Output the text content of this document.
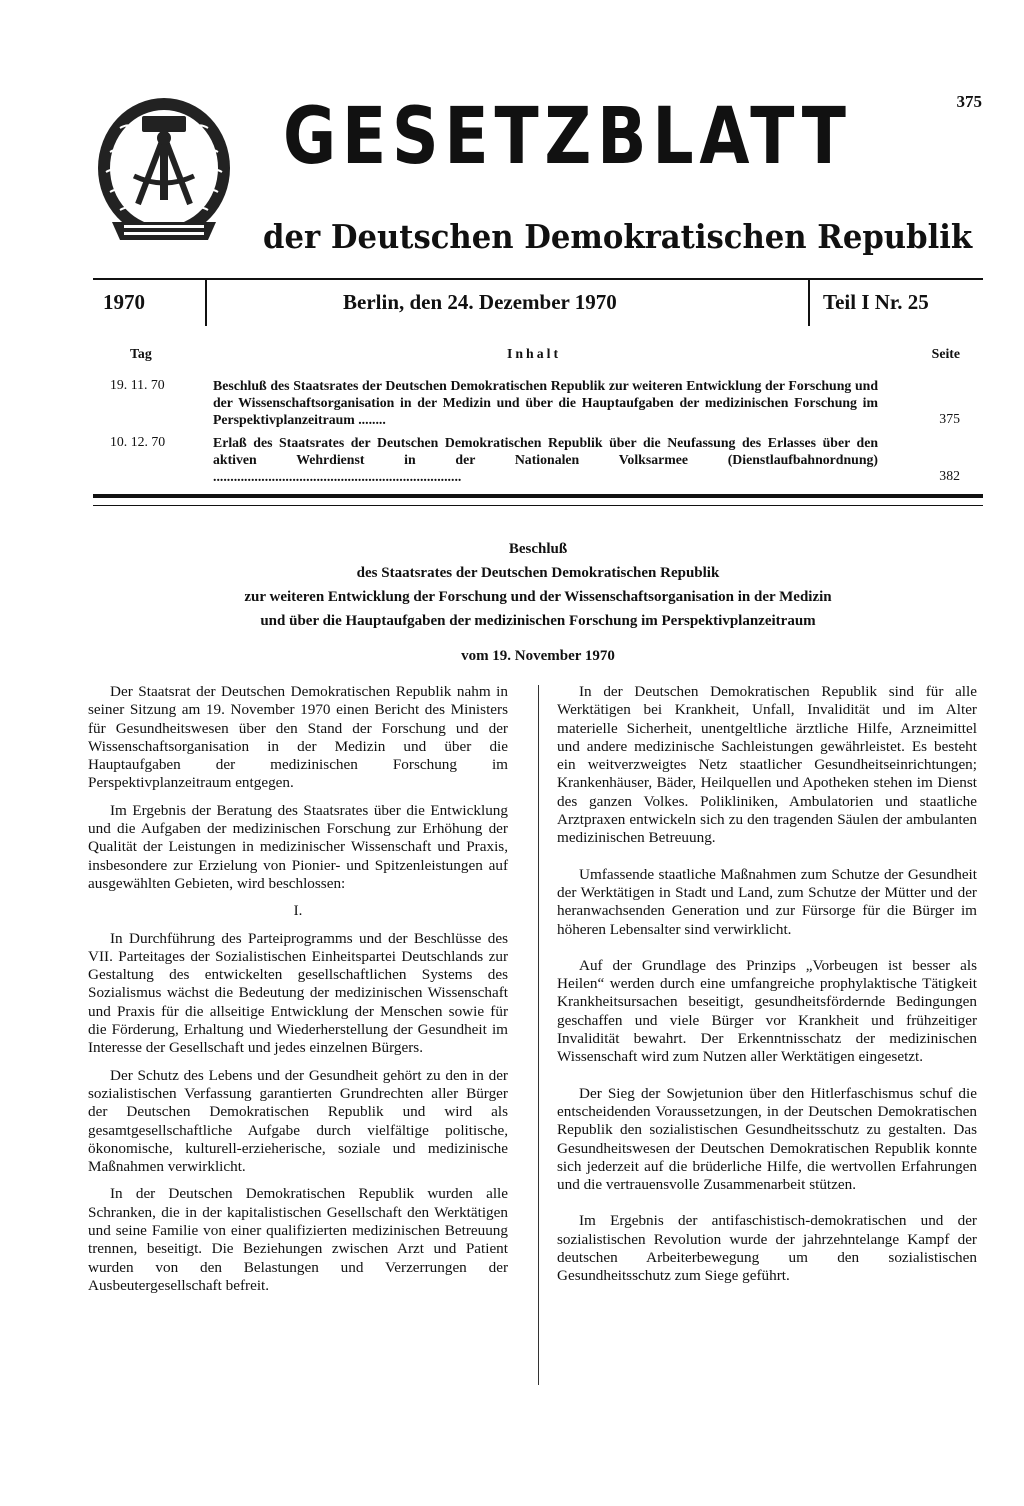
375
GESETZBLATT
der Deutschen Demokratischen Republik
1970	Berlin, den 24. Dezember 1970	Teil I Nr. 25
Tag	Inhalt	Seite
19. 11. 70	Beschluß des Staatsrates der Deutschen Demokratischen Republik zur weiteren Entwicklung der Forschung und der Wissenschaftsorganisation in der Medizin und über die Hauptaufgaben der medizinischen Forschung im Perspektivplanzeitraum ........	375
10. 12. 70	Erlaß des Staatsrates der Deutschen Demokratischen Republik über die Neufassung des Erlasses über den aktiven Wehrdienst in der Nationalen Volksarmee (Dienstlaufbahnordnung) ........................................................................	382
Beschluß
des Staatsrates der Deutschen Demokratischen Republik
zur weiteren Entwicklung der Forschung und der Wissenschaftsorganisation in der Medizin
und über die Hauptaufgaben der medizinischen Forschung im Perspektivplanzeitraum
vom 19. November 1970

Der Staatsrat der Deutschen Demokratischen Republik nahm in seiner Sitzung am 19. November 1970 einen Bericht des Ministers für Gesundheitswesen über den Stand der Forschung und der Wissenschaftsorganisation in der Medizin und über die Hauptaufgaben der medizinischen Forschung im Perspektivplanzeitraum entgegen.

Im Ergebnis der Beratung des Staatsrates über die Entwicklung und die Aufgaben der medizinischen Forschung zur Erhöhung der Qualität der Leistungen in medizinischer Wissenschaft und Praxis, insbesondere zur Erzielung von Pionier- und Spitzenleistungen auf ausgewählten Gebieten, wird beschlossen:

I.

In Durchführung des Parteiprogramms und der Beschlüsse des VII. Parteitages der Sozialistischen Einheitspartei Deutschlands zur Gestaltung des entwickelten gesellschaftlichen Systems des Sozialismus wächst die Bedeutung der medizinischen Wissenschaft und Praxis für die allseitige Entwicklung der Menschen sowie für die Förderung, Erhaltung und Wiederherstellung der Gesundheit im Interesse der Gesellschaft und jedes einzelnen Bürgers.

Der Schutz des Lebens und der Gesundheit gehört zu den in der sozialistischen Verfassung garantierten Grundrechten aller Bürger der Deutschen Demokratischen Republik und wird als gesamtgesellschaftliche Aufgabe durch vielfältige politische, ökonomische, kulturell-erzieherische, soziale und medizinische Maßnahmen verwirklicht.

In der Deutschen Demokratischen Republik wurden alle Schranken, die in der kapitalistischen Gesellschaft den Werktätigen und seine Familie von einer qualifizierten medizinischen Betreuung trennen, beseitigt. Die Beziehungen zwischen Arzt und Patient wurden von den Belastungen und Verzerrungen der Ausbeutergesellschaft befreit.

In der Deutschen Demokratischen Republik sind für alle Werktätigen bei Krankheit, Unfall, Invalidität und im Alter materielle Sicherheit, unentgeltliche ärztliche Hilfe, Arzneimittel und andere medizinische Sachleistungen gewährleistet. Es besteht ein weitverzweigtes Netz staatlicher Gesundheitseinrichtungen; Krankenhäuser, Bäder, Heilquellen und Apotheken stehen im Dienst des ganzen Volkes. Polikliniken, Ambulatorien und staatliche Arztpraxen entwickeln sich zu den tragenden Säulen der ambulanten medizinischen Betreuung.

Umfassende staatliche Maßnahmen zum Schutze der Gesundheit der Werktätigen in Stadt und Land, zum Schutze der Mütter und der heranwachsenden Generation und zur Fürsorge für die Bürger im höheren Lebensalter sind verwirklicht.

Auf der Grundlage des Prinzips „Vorbeugen ist besser als Heilen“ werden durch eine umfangreiche prophylaktische Tätigkeit Krankheitsursachen beseitigt, gesundheitsfördernde Bedingungen geschaffen und viele Bürger vor Krankheit und frühzeitiger Invalidität bewahrt. Der Erkenntnisschatz der medizinischen Wissenschaft wird zum Nutzen aller Werktätigen eingesetzt.

Der Sieg der Sowjetunion über den Hitlerfaschismus schuf die entscheidenden Voraussetzungen, in der Deutschen Demokratischen Republik den sozialistischen Gesundheitsschutz zu gestalten. Das Gesundheitswesen der Deutschen Demokratischen Republik konnte sich jederzeit auf die brüderliche Hilfe, die wertvollen Erfahrungen und die vertrauensvolle Zusammenarbeit stützen.

Im Ergebnis der antifaschistisch-demokratischen und der sozialistischen Revolution wurde der jahrzehntelange Kampf der deutschen Arbeiterbewegung um den sozialistischen Gesundheitsschutz zum Siege geführt.
